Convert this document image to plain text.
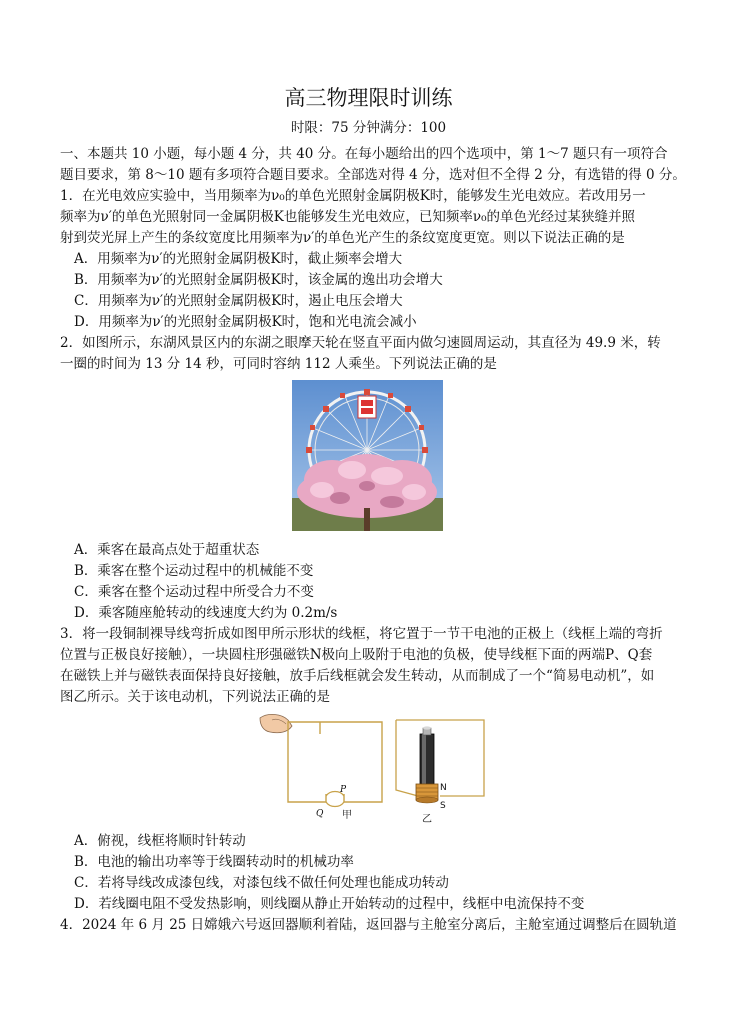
高三物理限时训练
时限：75 分钟满分：100
一、本题共 10 小题，每小题 4 分，共 40 分。在每小题给出的四个选项中，第 1～7 题只有一项符合
题目要求，第 8～10 题有多项符合题目要求。全部选对得 4 分，选对但不全得 2 分，有选错的得 0 分。
1．在光电效应实验中，当用频率为ν₀的单色光照射金属阴极K时，能够发生光电效应。若改用另一
频率为ν′的单色光照射同一金属阴极K也能够发生光电效应，已知频率ν₀的单色光经过某狭缝并照
射到荧光屏上产生的条纹宽度比用频率为ν′的单色光产生的条纹宽度更宽。则以下说法正确的是
A．用频率为ν′的光照射金属阴极K时，截止频率会增大
B．用频率为ν′的光照射金属阴极K时，该金属的逸出功会增大
C．用频率为ν′的光照射金属阴极K时，遏止电压会增大
D．用频率为ν′的光照射金属阴极K时，饱和光电流会减小
2．如图所示，东湖风景区内的东湖之眼摩天轮在竖直平面内做匀速圆周运动，其直径为 49.9 米，转
一圈的时间为 13 分 14 秒，可同时容纳 112 人乘坐。下列说法正确的是
A．乘客在最高点处于超重状态
B．乘客在整个运动过程中的机械能不变
C．乘客在整个运动过程中所受合力不变
D．乘客随座舱转动的线速度大约为 0.2m/s
3．将一段铜制裸导线弯折成如图甲所示形状的线框，将它置于一节干电池的正极上（线框上端的弯折
位置与正极良好接触），一块圆柱形强磁铁N极向上吸附于电池的负极，使导线框下面的两端P、Q套
在磁铁上并与磁铁表面保持良好接触，放手后线框就会发生转动，从而制成了一个“简易电动机”，如
图乙所示。关于该电动机，下列说法正确的是
P
Q 甲
N
S
乙
A．俯视，线框将顺时针转动
B．电池的输出功率等于线圈转动时的机械功率
C．若将导线改成漆包线，对漆包线不做任何处理也能成功转动
D．若线圈电阻不受发热影响，则线圈从静止开始转动的过程中，线框中电流保持不变
4．2024 年 6 月 25 日嫦娥六号返回器顺利着陆，返回器与主舱室分离后，主舱室通过调整后在圆轨道
